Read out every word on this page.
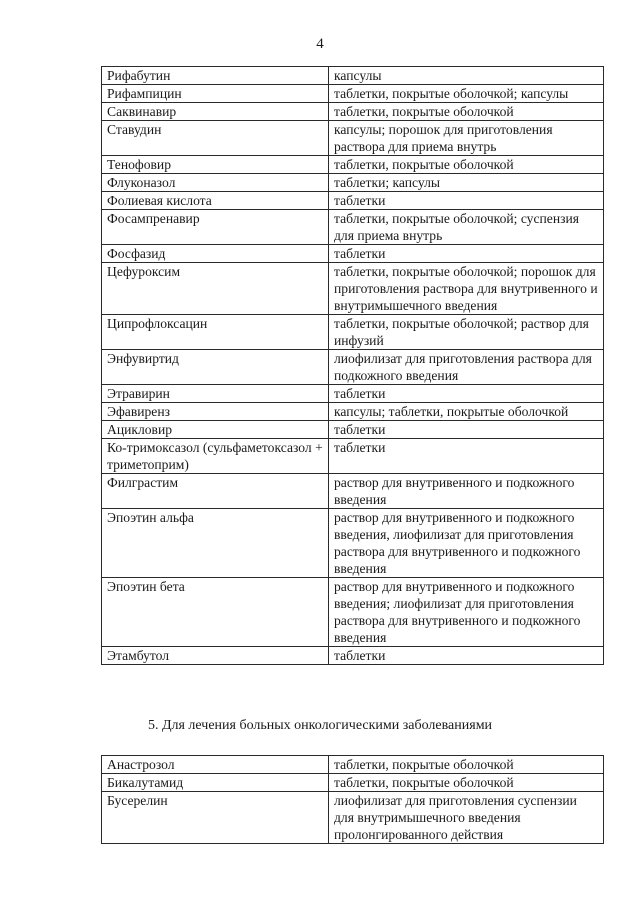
4
Рифабутин	капсулы
Рифампицин	таблетки, покрытые оболочкой; капсулы
Саквинавир	таблетки, покрытые оболочкой
Ставудин	капсулы; порошок для приготовления раствора для приема внутрь
Тенофовир	таблетки, покрытые оболочкой
Флуконазол	таблетки; капсулы
Фолиевая кислота	таблетки
Фосампренавир	таблетки, покрытые оболочкой; суспензия для приема внутрь
Фосфазид	таблетки
Цефуроксим	таблетки, покрытые оболочкой; порошок для приготовления раствора для внутривенного и внутримышечного введения
Ципрофлоксацин	таблетки, покрытые оболочкой; раствор для инфузий
Энфувиртид	лиофилизат для приготовления раствора для подкожного введения
Этравирин	таблетки
Эфавиренз	капсулы; таблетки, покрытые оболочкой
Ацикловир	таблетки
Ко-тримоксазол (сульфаметоксазол + триметоприм)	таблетки
Филграстим	раствор для внутривенного и подкожного введения
Эпоэтин альфа	раствор для внутривенного и подкожного введения, лиофилизат для приготовления раствора для внутривенного и подкожного введения
Эпоэтин бета	раствор для внутривенного и подкожного введения; лиофилизат для приготовления раствора для внутривенного и подкожного введения
Этамбутол	таблетки
5. Для лечения больных онкологическими заболеваниями
Анастрозол	таблетки, покрытые оболочкой
Бикалутамид	таблетки, покрытые оболочкой
Бусерелин	лиофилизат для приготовления суспензии для внутримышечного введения пролонгированного действия
